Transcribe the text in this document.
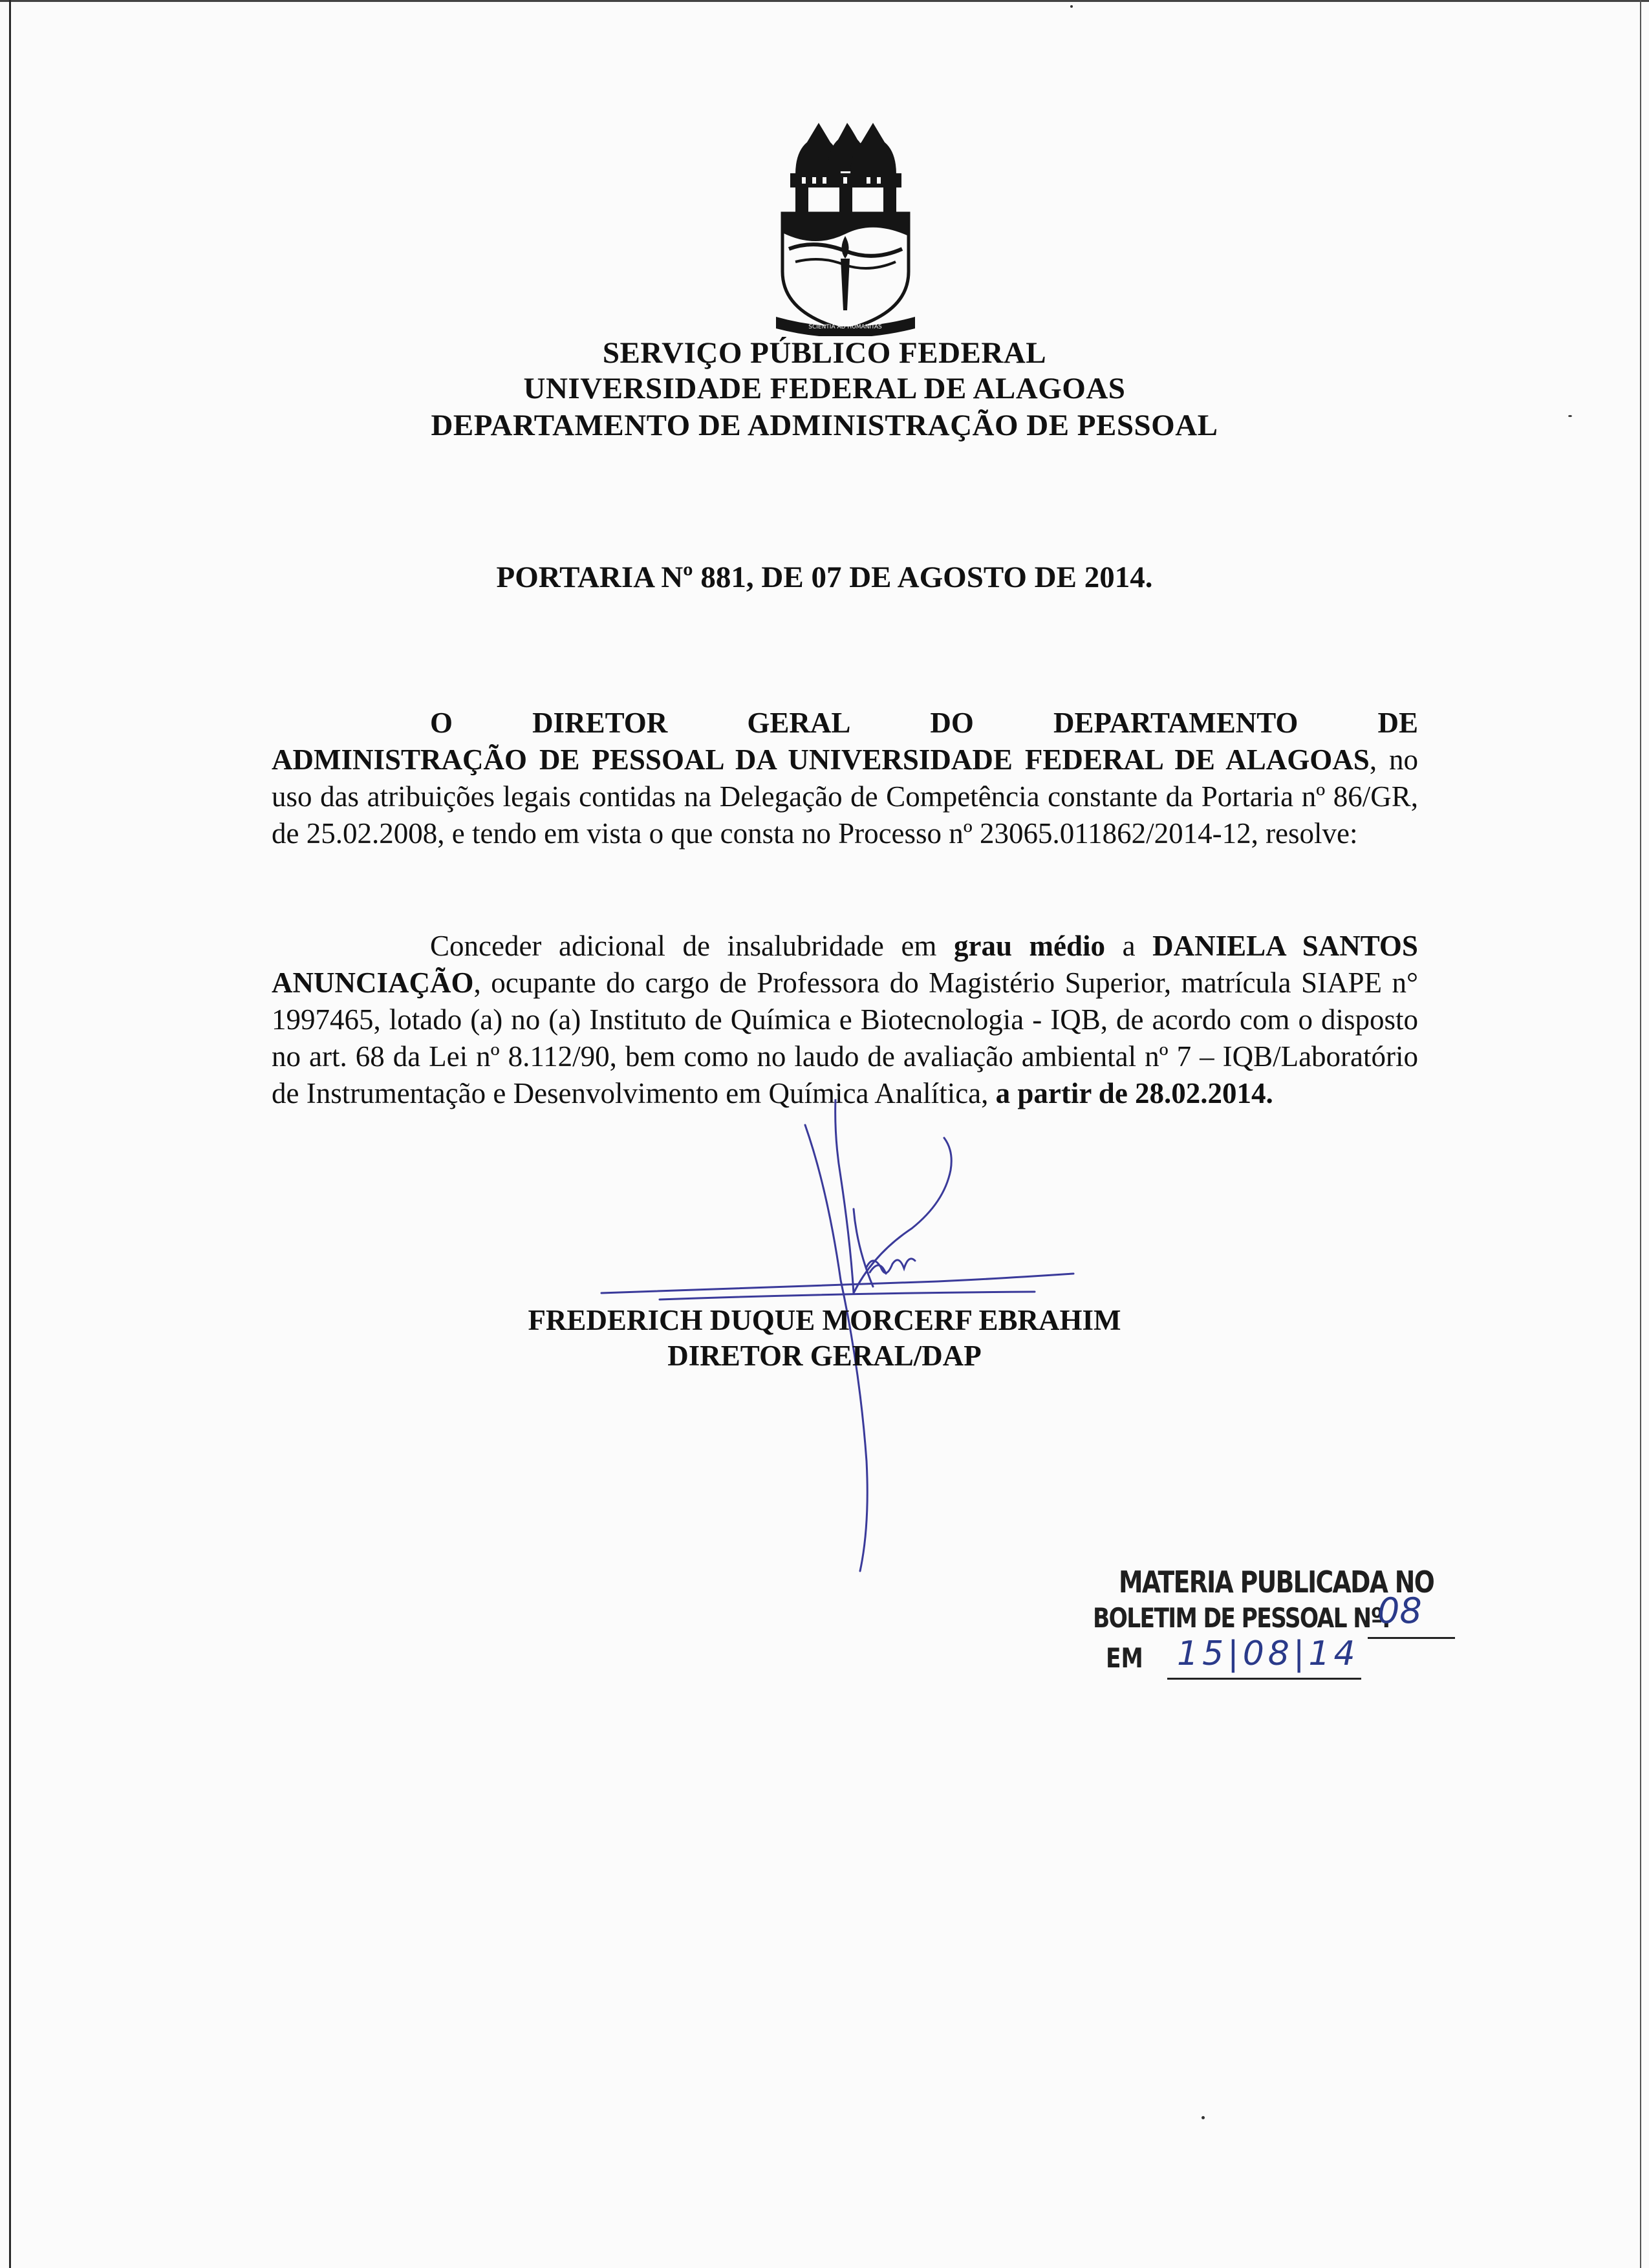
SCIENTIA AD HUMANITAS
SERVIÇO PÚBLICO FEDERAL
UNIVERSIDADE FEDERAL DE ALAGOAS
DEPARTAMENTO DE ADMINISTRAÇÃO DE PESSOAL
PORTARIA Nº 881, DE 07 DE AGOSTO DE 2014.
O	DIRETOR	GERAL	DO	DEPARTAMENTO	DE
ADMINISTRAÇÃO DE PESSOAL DA UNIVERSIDADE FEDERAL DE ALAGOAS, no uso das atribuições legais contidas na Delegação de Competência constante da Portaria nº 86/GR, de 25.02.2008, e tendo em vista o que consta no Processo nº 23065.011862/2014-12, resolve:
Conceder adicional de insalubridade em grau médio a DANIELA SANTOS ANUNCIAÇÃO, ocupante do cargo de Professora do Magistério Superior, matrícula SIAPE n° 1997465, lotado (a) no (a) Instituto de Química e Biotecnologia - IQB, de acordo com o disposto no art. 68 da Lei nº 8.112/90, bem como no laudo de avaliação ambiental nº 7 – IQB/Laboratório de Instrumentação e Desenvolvimento em Química Analítica, a partir de 28.02.2014.
FREDERICH DUQUE MORCERF EBRAHIM
DIRETOR GERAL/DAP
MATERIA PUBLICADA NO
BOLETIM DE PESSOAL Nº.
EM
08
15|08|14
